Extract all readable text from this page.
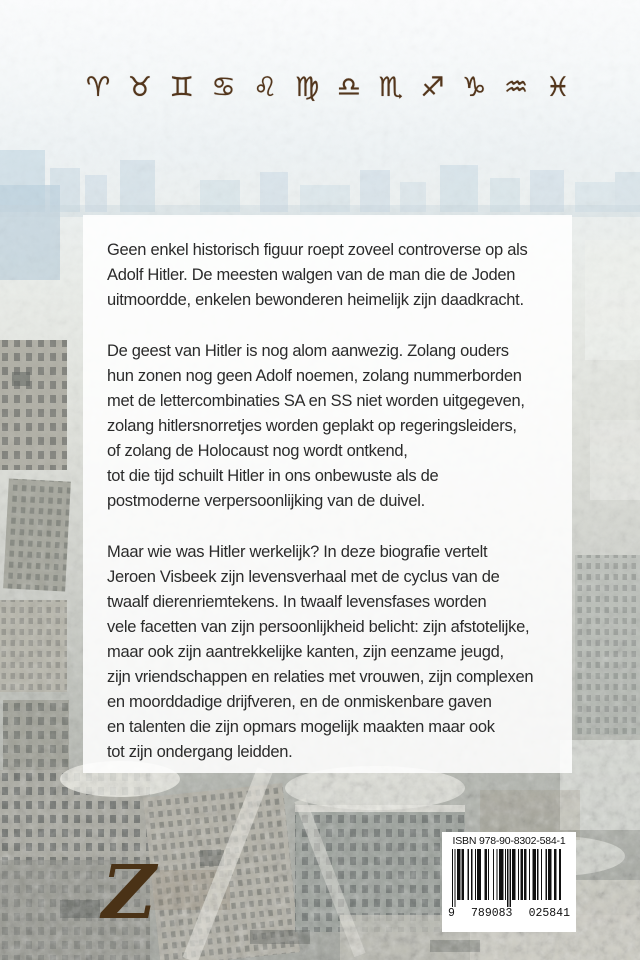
♈ ♉ ♊ ♋ ♌ ♍ ♎ ♏ ♐ ♑ ♒ ♓
Geen enkel historisch figuur roept zoveel controverse op als
Adolf Hitler. De meesten walgen van de man die de Joden
uitmoordde, enkelen bewonderen heimelijk zijn daadkracht.
De geest van Hitler is nog alom aanwezig. Zolang ouders
hun zonen nog geen Adolf noemen, zolang nummerborden
met de lettercombinaties SA en SS niet worden uitgegeven,
zolang hitlersnorretjes worden geplakt op regeringsleiders,
of zolang de Holocaust nog wordt ontkend,
tot die tijd schuilt Hitler in ons onbewuste als de
postmoderne verpersoonlijking van de duivel.
Maar wie was Hitler werkelijk? In deze biografie vertelt
Jeroen Visbeek zijn levensverhaal met de cyclus van de
twaalf dierenriemtekens. In twaalf levensfases worden
vele facetten van zijn persoonlijkheid belicht: zijn afstotelijke,
maar ook zijn aantrekkelijke kanten, zijn eenzame jeugd,
zijn vriendschappen en relaties met vrouwen, zijn complexen
en moorddadige drijfveren, en de onmiskenbare gaven
en talenten die zijn opmars mogelijk maakten maar ook
tot zijn ondergang leidden.
Z
ISBN 978-90-8302-584-1
9 789083 025841
